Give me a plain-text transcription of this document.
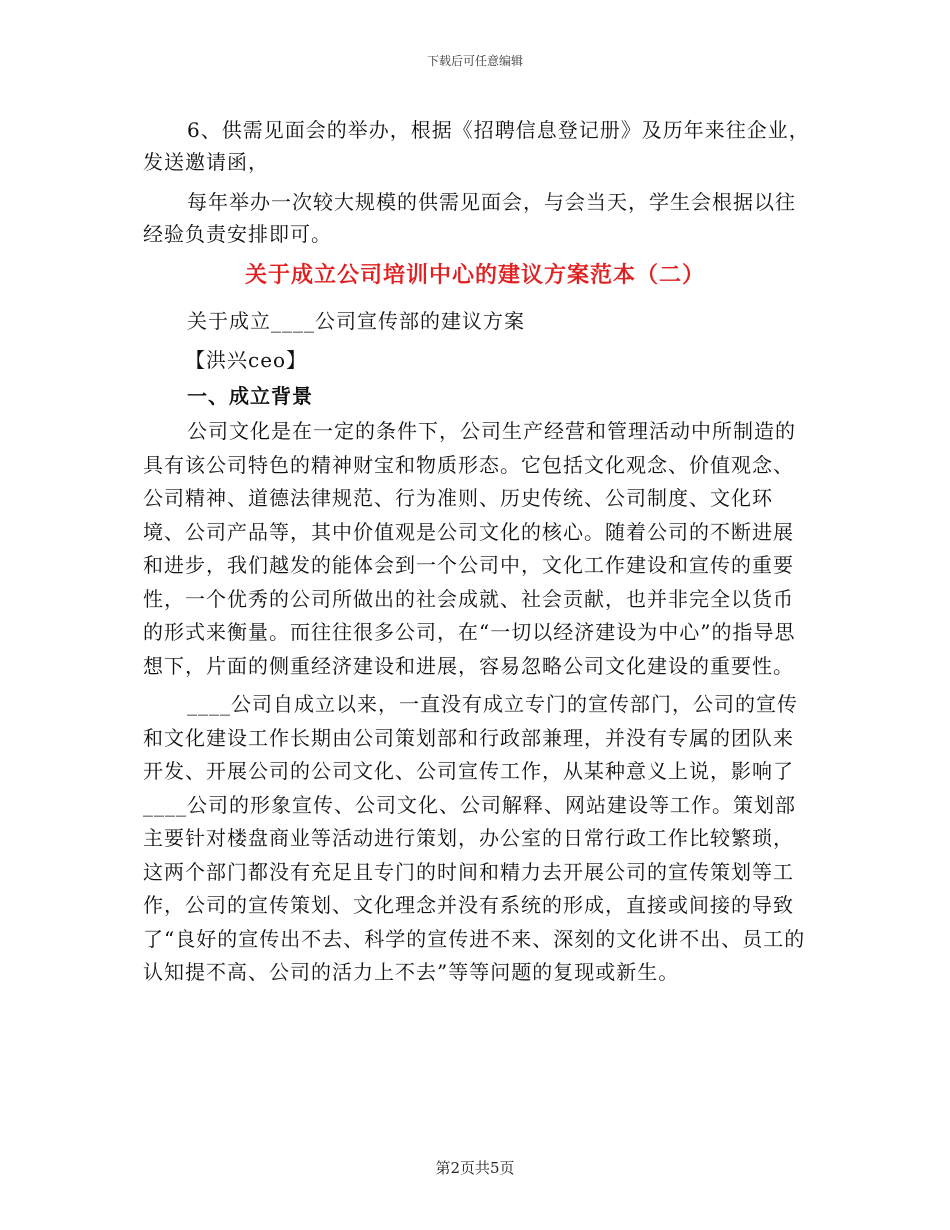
下载后可任意编辑

6、供需见面会的举办，根据《招聘信息登记册》及历年来往企业，发送邀请函，

每年举办一次较大规模的供需见面会，与会当天，学生会根据以往经验负责安排即可。

关于成立公司培训中心的建议方案范本（二）
关于成立____公司宣传部的建议方案
【洪兴ceo】
一、成立背景

公司文化是在一定的条件下，公司生产经营和管理活动中所制造的具有该公司特色的精神财宝和物质形态。它包括文化观念、价值观念、公司精神、道德法律规范、行为准则、历史传统、公司制度、文化环境、公司产品等，其中价值观是公司文化的核心。随着公司的不断进展和进步，我们越发的能体会到一个公司中，文化工作建设和宣传的重要性，一个优秀的公司所做出的社会成就、社会贡献，也并非完全以货币的形式来衡量。而往往很多公司，在“一切以经济建设为中心”的指导思想下，片面的侧重经济建设和进展，容易忽略公司文化建设的重要性。

____公司自成立以来，一直没有成立专门的宣传部门，公司的宣传和文化建设工作长期由公司策划部和行政部兼理，并没有专属的团队来开发、开展公司的公司文化、公司宣传工作，从某种意义上说，影响了____公司的形象宣传、公司文化、公司解释、网站建设等工作。策划部主要针对楼盘商业等活动进行策划，办公室的日常行政工作比较繁琐，这两个部门都没有充足且专门的时间和精力去开展公司的宣传策划等工作，公司的宣传策划、文化理念并没有系统的形成，直接或间接的导致了“良好的宣传出不去、科学的宣传进不来、深刻的文化讲不出、员工的认知提不高、公司的活力上不去”等等问题的复现或新生。

第2页共5页
